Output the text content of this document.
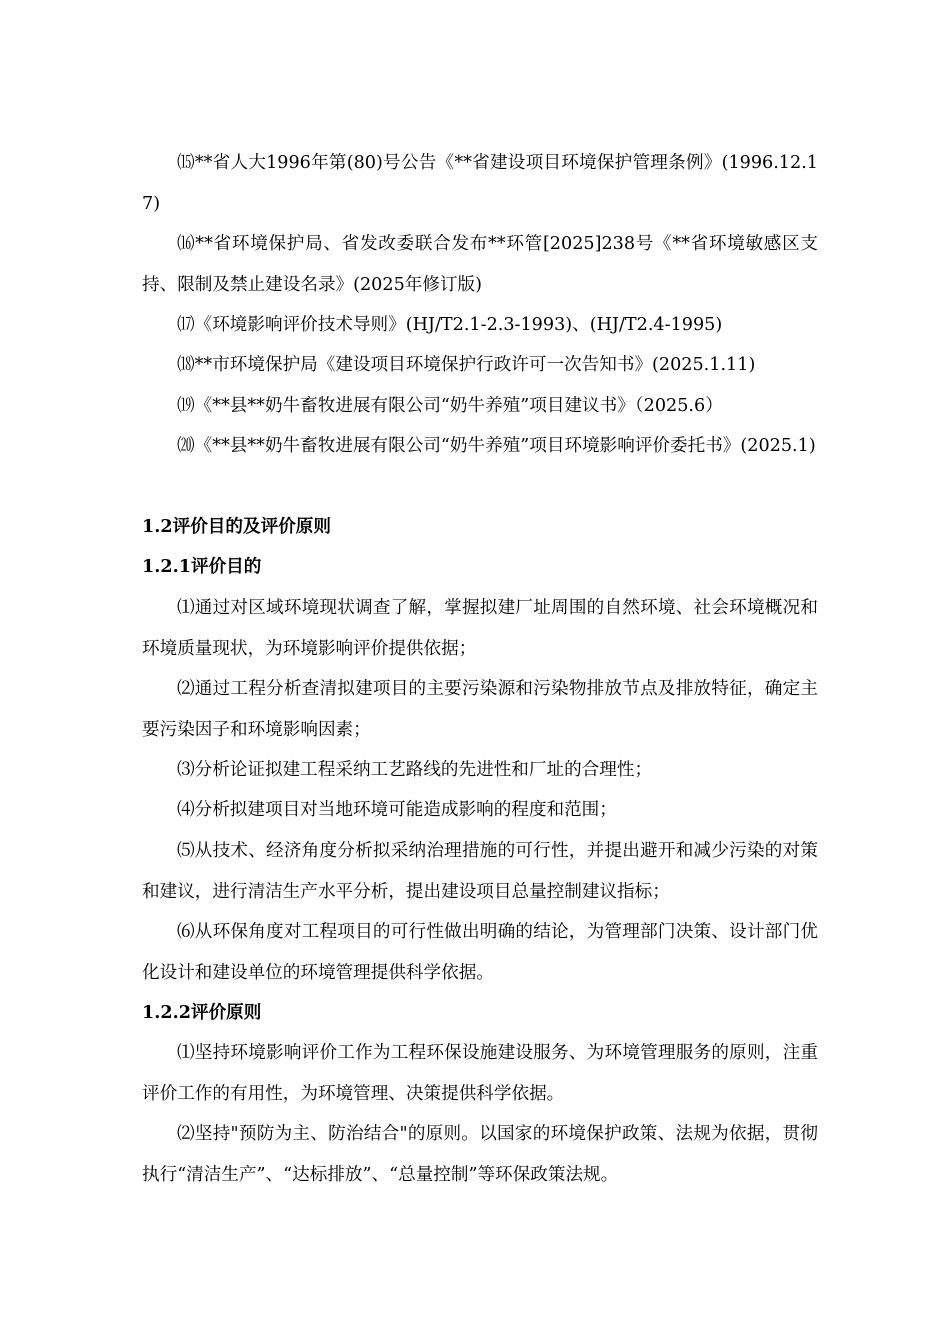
⒂**省人大1996年第(80)号公告《**省建设项目环境保护管理条例》(1996.12.17)

⒃**省环境保护局、省发改委联合发布**环管[2025]238号《**省环境敏感区支持、限制及禁止建设名录》(2025年修订版)

⒄《环境影响评价技术导则》(HJ/T2.1-2.3-1993)、(HJ/T2.4-1995)

⒅**市环境保护局《建设项目环境保护行政许可一次告知书》(2025.1.11)

⒆《**县**奶牛畜牧进展有限公司“奶牛养殖”项目建议书》（2025.6）

⒇《**县**奶牛畜牧进展有限公司“奶牛养殖”项目环境影响评价委托书》(2025.1)

1.2评价目的及评价原则
1.2.1评价目的

⑴通过对区域环境现状调查了解，掌握拟建厂址周围的自然环境、社会环境概况和环境质量现状，为环境影响评价提供依据；

⑵通过工程分析查清拟建项目的主要污染源和污染物排放节点及排放特征，确定主要污染因子和环境影响因素；

⑶分析论证拟建工程采纳工艺路线的先进性和厂址的合理性；

⑷分析拟建项目对当地环境可能造成影响的程度和范围；

⑸从技术、经济角度分析拟采纳治理措施的可行性，并提出避开和减少污染的对策和建议，进行清洁生产水平分析，提出建设项目总量控制建议指标；

⑹从环保角度对工程项目的可行性做出明确的结论，为管理部门决策、设计部门优化设计和建设单位的环境管理提供科学依据。

1.2.2评价原则

⑴坚持环境影响评价工作为工程环保设施建设服务、为环境管理服务的原则，注重评价工作的有用性，为环境管理、决策提供科学依据。

⑵坚持"预防为主、防治结合"的原则。以国家的环境保护政策、法规为依据，贯彻执行“清洁生产”、“达标排放”、“总量控制”等环保政策法规。
